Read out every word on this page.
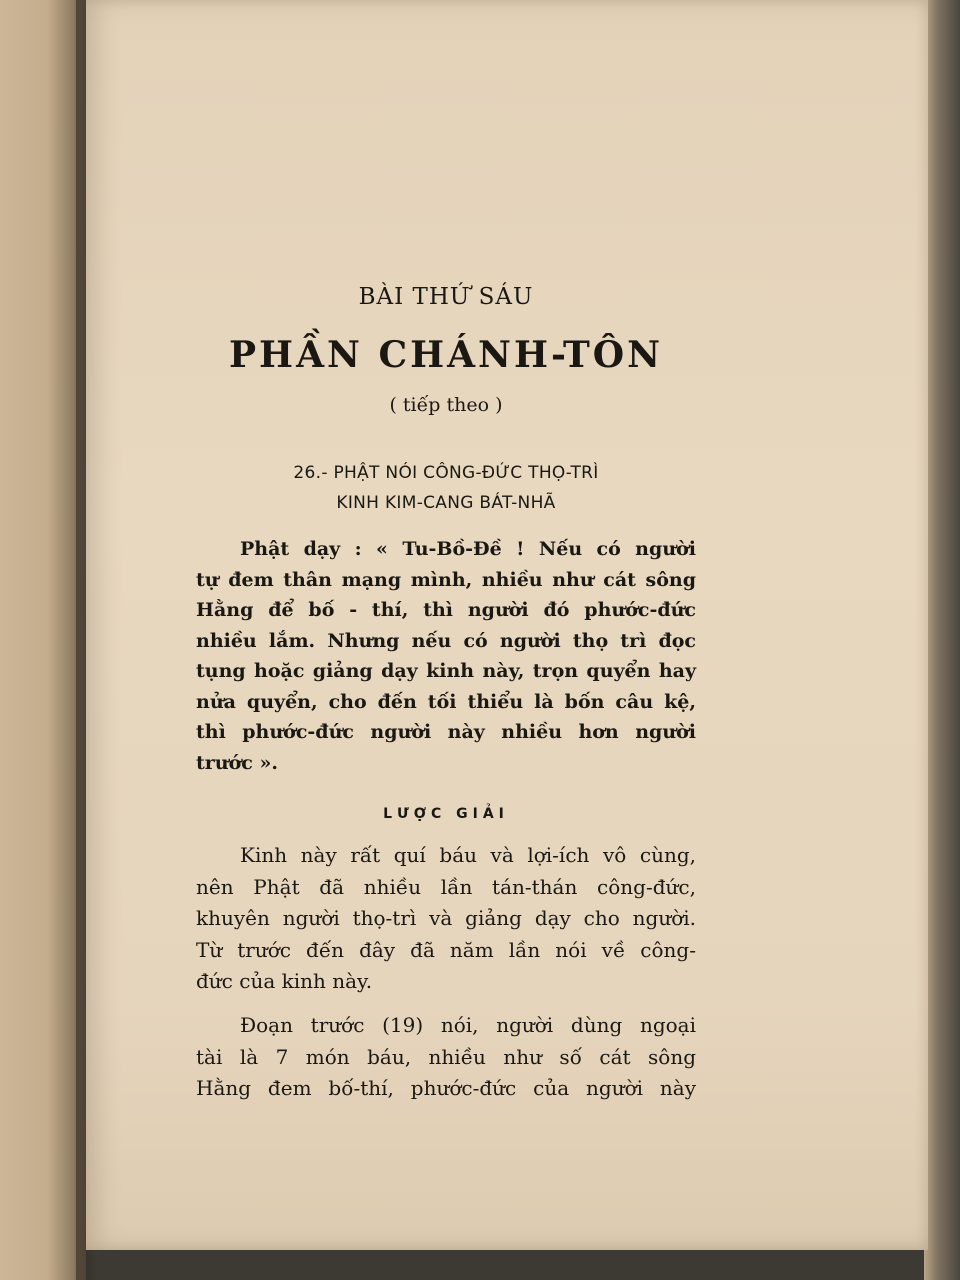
BÀI THỨ SÁU
PHẦN CHÁNH-TÔN
( tiếp theo )
26.- PHẬT NÓI CÔNG-ĐỨC THỌ-TRÌ
KINH KIM-CANG BÁT-NHÃ
Phật dạy : « Tu-Bồ-Đề ! Nếu có người
tự đem thân mạng mình, nhiều như cát sông
Hằng để bố - thí, thì người đó phước-đức
nhiều lắm. Nhưng nếu có người thọ trì đọc
tụng hoặc giảng dạy kinh này, trọn quyển hay
nửa quyển, cho đến tối thiểu là bốn câu kệ,
thì phước-đức người này nhiều hơn người
trước ».
LƯỢC GIẢI
Kinh này rất quí báu và lợi-ích vô cùng,
nên Phật đã nhiều lần tán-thán công-đức,
khuyên người thọ-trì và giảng dạy cho người.
Từ trước đến đây đã năm lần nói về công-
đức của kinh này.
Đoạn trước (19) nói, người dùng ngoại
tài là 7 món báu, nhiều như số cát sông
Hằng đem bố-thí, phước-đức của người này
